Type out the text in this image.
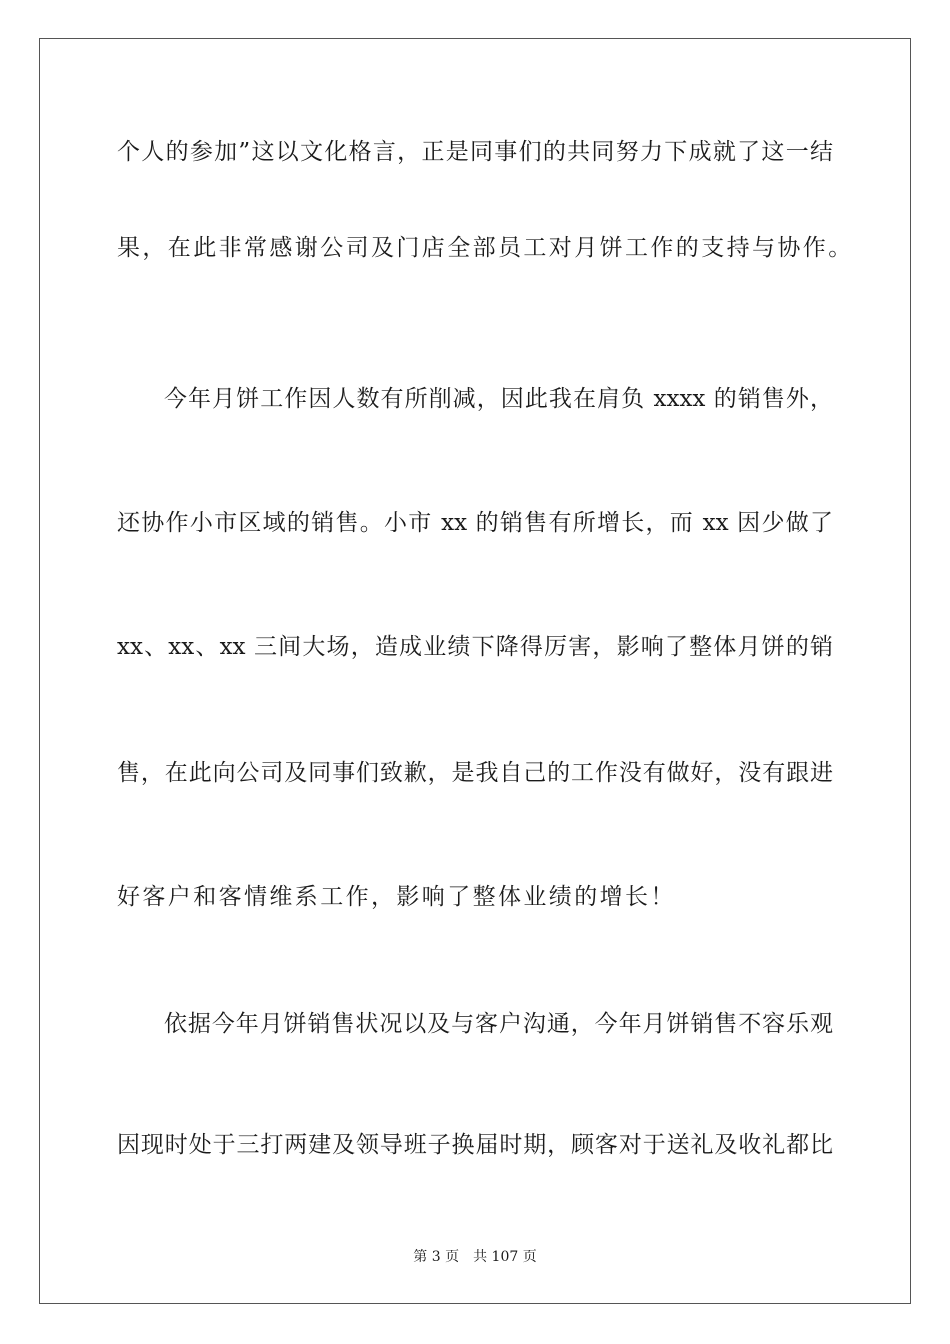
个人的参加”这以文化格言，正是同事们的共同努力下成就了这一结
果，在此非常感谢公司及门店全部员工对月饼工作的支持与协作。
今年月饼工作因人数有所削减，因此我在肩负 xxxx 的销售外，
还协作小市区域的销售。小市 xx 的销售有所增长，而 xx 因少做了
xx、xx、xx 三间大场，造成业绩下降得厉害，影响了整体月饼的销
售，在此向公司及同事们致歉，是我自己的工作没有做好，没有跟进
好客户和客情维系工作，影响了整体业绩的增长！
依据今年月饼销售状况以及与客户沟通，今年月饼销售不容乐观
因现时处于三打两建及领导班子换届时期，顾客对于送礼及收礼都比
第 3 页 共 107 页
